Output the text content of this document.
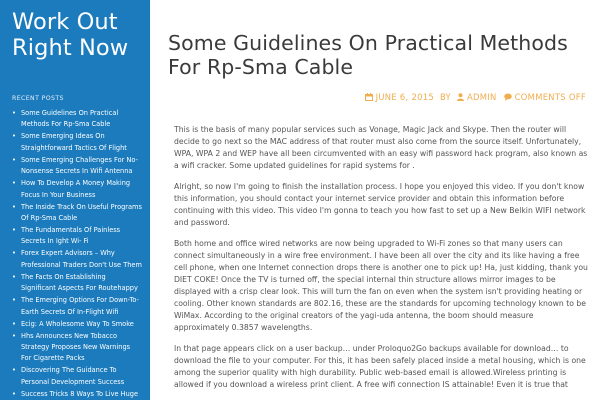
Work Out Right Now
RECENT POSTS
• Some Guidelines On Practical Methods For Rp-Sma Cable
• Some Emerging Ideas On Straightforward Tactics Of Flight
• Some Emerging Challenges For No-Nonsense Secrets In Wifi Antenna
• How To Develop A Money Making Focus In Your Business
• The Inside Track On Useful Programs Of Rp-Sma Cable
• The Fundamentals Of Painless Secrets In Ight Wi- Fi
• Forex Expert Advisors – Why Professional Traders Don't Use Them
• The Facts On Establishing Significant Aspects For Routehappy
• The Emerging Options For Down-To-Earth Secrets Of In-Flight Wifi
• Ecig: A Wholesome Way To Smoke
• Hhs Announces New Tobacco Strategy Proposes New Warnings For Cigarette Packs
• Discovering The Guidance To Personal Development Success
• Success Tricks 8 Ways To Live Huge & Remorse Little
Some Guidelines On Practical Methods For Rp-Sma Cable
JUNE 6, 2015 BY ADMIN COMMENTS OFF

This is the basis of many popular services such as Vonage, Magic Jack and Skype. Then the router will decide to go next so the MAC address of that router must also come from the source itself. Unfortunately, WPA, WPA 2 and WEP have all been circumvented with an easy wifi password hack program, also known as a wifi cracker. Some updated guidelines for rapid systems for .

Alright, so now I'm going to finish the installation process. I hope you enjoyed this video. If you don't know this information, you should contact your internet service provider and obtain this information before continuing with this video. This video I'm gonna to teach you how fast to set up a New Belkin WIFI network and password.

Both home and office wired networks are now being upgraded to Wi-Fi zones so that many users can connect simultaneously in a wire free environment. I have been all over the city and its like having a free cell phone, when one Internet connection drops there is another one to pick up! Ha, just kidding, thank you DIET COKE! Once the TV is turned off, the special internal thin structure allows mirror images to be displayed with a crisp clear look. This will turn the fan on even when the system isn't providing heating or cooling. Other known standards are 802.16, these are the standards for upcoming technology known to be WiMax. According to the original creators of the yagi-uda antenna, the boom should measure approximately 0.3857 wavelengths.

In that page appears click on a user backup… under Proloquo2Go backups available for download… to download the file to your computer. For this, it has been safely placed inside a metal housing, which is one among the superior quality with high durability. Public web-based email is allowed.Wireless printing is allowed if you download a wireless print client. A free wifi connection IS attainable! Even it is true that
